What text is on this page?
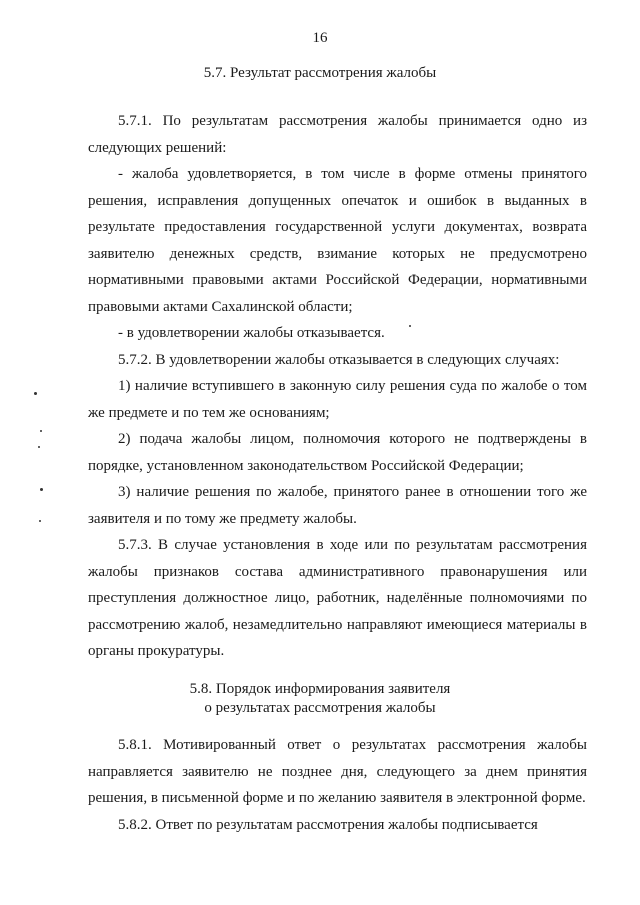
16
5.7. Результат рассмотрения жалобы

5.7.1. По результатам рассмотрения жалобы принимается одно из следующих решений:

- жалоба удовлетворяется, в том числе в форме отмены принятого решения, исправления допущенных опечаток и ошибок в выданных в результате предоставления государственной услуги документах, возврата заявителю денежных средств, взимание которых не предусмотрено нормативными правовыми актами Российской Федерации, нормативными правовыми актами Сахалинской области;

- в удовлетворении жалобы отказывается.

5.7.2. В удовлетворении жалобы отказывается в следующих случаях:

1) наличие вступившего в законную силу решения суда по жалобе о том же предмете и по тем же основаниям;

2) подача жалобы лицом, полномочия которого не подтверждены в порядке, установленном законодательством Российской Федерации;

3) наличие решения по жалобе, принятого ранее в отношении того же заявителя и по тому же предмету жалобы.

5.7.3. В случае установления в ходе или по результатам рассмотрения жалобы признаков состава административного правонарушения или преступления должностное лицо, работник, наделённые полномочиями по рассмотрению жалоб, незамедлительно направляют имеющиеся материалы в органы прокуратуры.

5.8. Порядок информирования заявителя
о результатах рассмотрения жалобы

5.8.1. Мотивированный ответ о результатах рассмотрения жалобы направляется заявителю не позднее дня, следующего за днем принятия решения, в письменной форме и по желанию заявителя в электронной форме.

5.8.2. Ответ по результатам рассмотрения жалобы подписывается
